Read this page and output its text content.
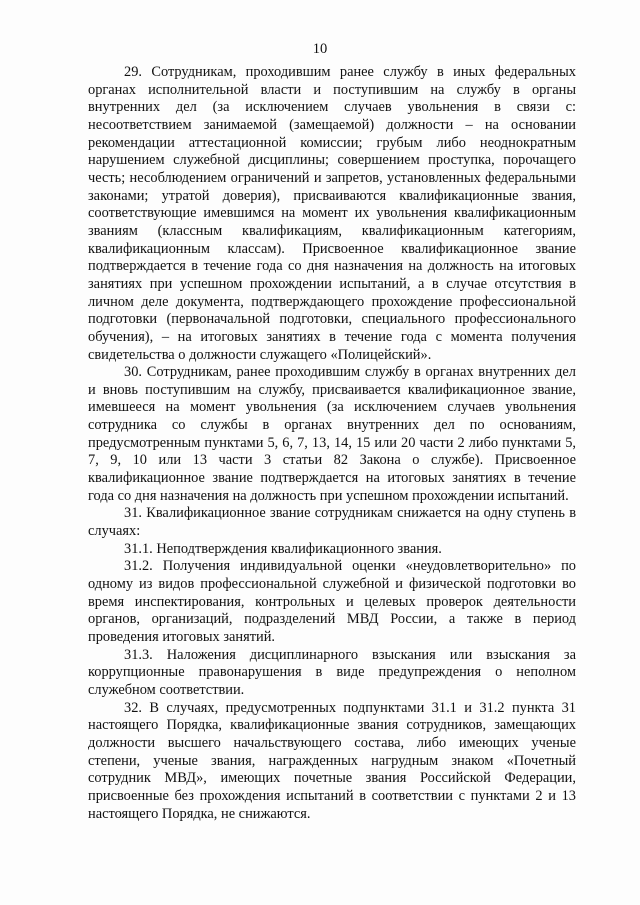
10

29. Сотрудникам, проходившим ранее службу в иных федеральных органах исполнительной власти и поступившим на службу в органы внутренних дел (за исключением случаев увольнения в связи с: несоответствием занимаемой (замещаемой) должности – на основании рекомендации аттестационной комиссии; грубым либо неоднократным нарушением служебной дисциплины; совершением проступка, порочащего честь; несоблюдением ограничений и запретов, установленных федеральными законами; утратой доверия), присваиваются квалификационные звания, соответствующие имевшимся на момент их увольнения квалификационным званиям (классным квалификациям, квалификационным категориям, квалификационным классам). Присвоенное квалификационное звание подтверждается в течение года со дня назначения на должность на итоговых занятиях при успешном прохождении испытаний, а в случае отсутствия в личном деле документа, подтверждающего прохождение профессиональной подготовки (первоначальной подготовки, специального профессионального обучения), – на итоговых занятиях в течение года с момента получения свидетельства о должности служащего «Полицейский».

30. Сотрудникам, ранее проходившим службу в органах внутренних дел и вновь поступившим на службу, присваивается квалификационное звание, имевшееся на момент увольнения (за исключением случаев увольнения сотрудника со службы в органах внутренних дел по основаниям, предусмотренным пунктами 5, 6, 7, 13, 14, 15 или 20 части 2 либо пунктами 5, 7, 9, 10 или 13 части 3 статьи 82 Закона о службе). Присвоенное квалификационное звание подтверждается на итоговых занятиях в течение года со дня назначения на должность при успешном прохождении испытаний.

31. Квалификационное звание сотрудникам снижается на одну ступень в случаях:

31.1. Неподтверждения квалификационного звания.

31.2. Получения индивидуальной оценки «неудовлетворительно» по одному из видов профессиональной служебной и физической подготовки во время инспектирования, контрольных и целевых проверок деятельности органов, организаций, подразделений МВД России, а также в период проведения итоговых занятий.

31.3. Наложения дисциплинарного взыскания или взыскания за коррупционные правонарушения в виде предупреждения о неполном служебном соответствии.

32. В случаях, предусмотренных подпунктами 31.1 и 31.2 пункта 31 настоящего Порядка, квалификационные звания сотрудников, замещающих должности высшего начальствующего состава, либо имеющих ученые степени, ученые звания, награжденных нагрудным знаком «Почетный сотрудник МВД», имеющих почетные звания Российской Федерации, присвоенные без прохождения испытаний в соответствии с пунктами 2 и 13 настоящего Порядка, не снижаются.
